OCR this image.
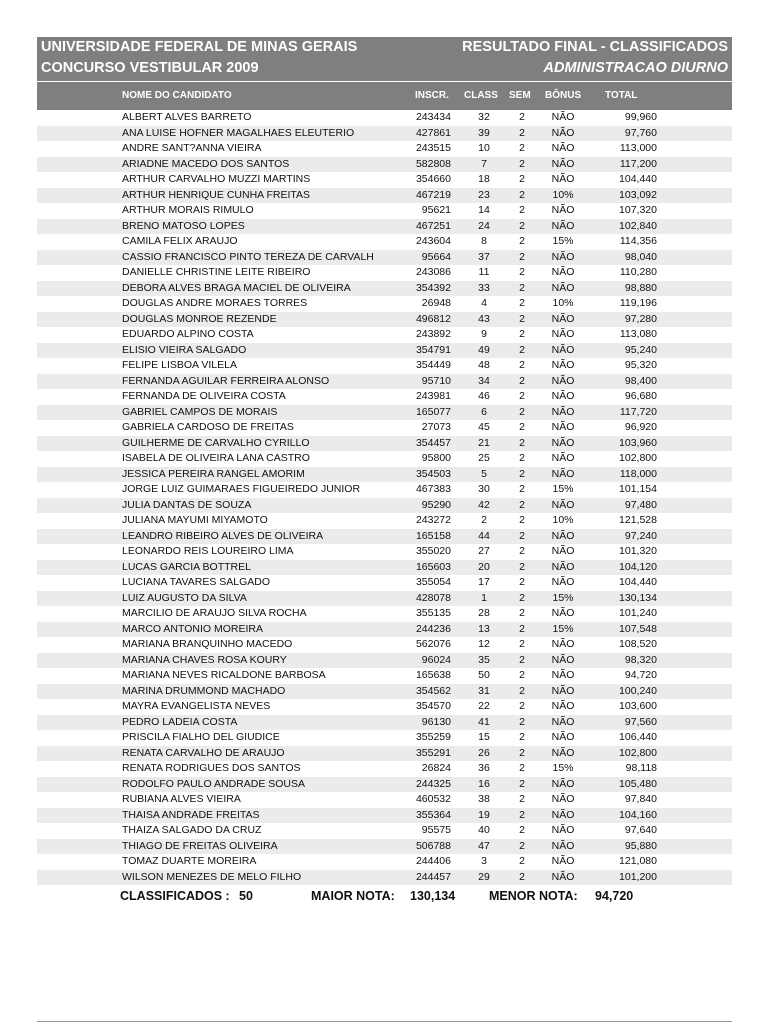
UNIVERSIDADE FEDERAL DE MINAS GERAIS
CONCURSO VESTIBULAR 2009
RESULTADO FINAL - CLASSIFICADOS
ADMINISTRACAO DIURNO
NOME DO CANDIDATO	INSCR. CLASS SEM BÔNUS TOTAL
ALBERT ALVES BARRETO	243434	32	2	NÃO	99,960
ANA LUISE HOFNER MAGALHAES ELEUTERIO	427861	39	2	NÃO	97,760
ANDRE SANT?ANNA VIEIRA	243515	10	2	NÃO	113,000
ARIADNE MACEDO DOS SANTOS	582808	7	2	NÃO	117,200
ARTHUR CARVALHO MUZZI MARTINS	354660	18	2	NÃO	104,440
ARTHUR HENRIQUE CUNHA FREITAS	467219	23	2	10%	103,092
ARTHUR MORAIS RIMULO	95621	14	2	NÃO	107,320
BRENO MATOSO LOPES	467251	24	2	NÃO	102,840
CAMILA FELIX ARAUJO	243604	8	2	15%	114,356
CASSIO FRANCISCO PINTO TEREZA DE CARVALH	95664	37	2	NÃO	98,040
DANIELLE CHRISTINE LEITE RIBEIRO	243086	11	2	NÃO	110,280
DEBORA ALVES BRAGA MACIEL DE OLIVEIRA	354392	33	2	NÃO	98,880
DOUGLAS ANDRE MORAES TORRES	26948	4	2	10%	119,196
DOUGLAS MONROE REZENDE	496812	43	2	NÃO	97,280
EDUARDO ALPINO COSTA	243892	9	2	NÃO	113,080
ELISIO VIEIRA SALGADO	354791	49	2	NÃO	95,240
FELIPE LISBOA VILELA	354449	48	2	NÃO	95,320
FERNANDA AGUILAR FERREIRA ALONSO	95710	34	2	NÃO	98,400
FERNANDA DE OLIVEIRA COSTA	243981	46	2	NÃO	96,680
GABRIEL CAMPOS DE MORAIS	165077	6	2	NÃO	117,720
GABRIELA CARDOSO DE FREITAS	27073	45	2	NÃO	96,920
GUILHERME DE CARVALHO CYRILLO	354457	21	2	NÃO	103,960
ISABELA DE OLIVEIRA LANA CASTRO	95800	25	2	NÃO	102,800
JESSICA PEREIRA RANGEL AMORIM	354503	5	2	NÃO	118,000
JORGE LUIZ GUIMARAES FIGUEIREDO JUNIOR	467383	30	2	15%	101,154
JULIA DANTAS DE SOUZA	95290	42	2	NÃO	97,480
JULIANA MAYUMI MIYAMOTO	243272	2	2	10%	121,528
LEANDRO RIBEIRO ALVES DE OLIVEIRA	165158	44	2	NÃO	97,240
LEONARDO REIS LOUREIRO LIMA	355020	27	2	NÃO	101,320
LUCAS GARCIA BOTTREL	165603	20	2	NÃO	104,120
LUCIANA TAVARES SALGADO	355054	17	2	NÃO	104,440
LUIZ AUGUSTO DA SILVA	428078	1	2	15%	130,134
MARCILIO DE ARAUJO SILVA ROCHA	355135	28	2	NÃO	101,240
MARCO ANTONIO MOREIRA	244236	13	2	15%	107,548
MARIANA BRANQUINHO MACEDO	562076	12	2	NÃO	108,520
MARIANA CHAVES ROSA KOURY	96024	35	2	NÃO	98,320
MARIANA NEVES RICALDONE BARBOSA	165638	50	2	NÃO	94,720
MARINA DRUMMOND MACHADO	354562	31	2	NÃO	100,240
MAYRA EVANGELISTA NEVES	354570	22	2	NÃO	103,600
PEDRO LADEIA COSTA	96130	41	2	NÃO	97,560
PRISCILA FIALHO DEL GIUDICE	355259	15	2	NÃO	106,440
RENATA CARVALHO DE ARAUJO	355291	26	2	NÃO	102,800
RENATA RODRIGUES DOS SANTOS	26824	36	2	15%	98,118
RODOLFO PAULO ANDRADE SOUSA	244325	16	2	NÃO	105,480
RUBIANA ALVES VIEIRA	460532	38	2	NÃO	97,840
THAISA ANDRADE FREITAS	355364	19	2	NÃO	104,160
THAIZA SALGADO DA CRUZ	95575	40	2	NÃO	97,640
THIAGO DE FREITAS OLIVEIRA	506788	47	2	NÃO	95,880
TOMAZ DUARTE MOREIRA	244406	3	2	NÃO	121,080
WILSON MENEZES DE MELO FILHO	244457	29	2	NÃO	101,200
CLASSIFICADOS : 50	MAIOR NOTA: 130,134	MENOR NOTA: 94,720
